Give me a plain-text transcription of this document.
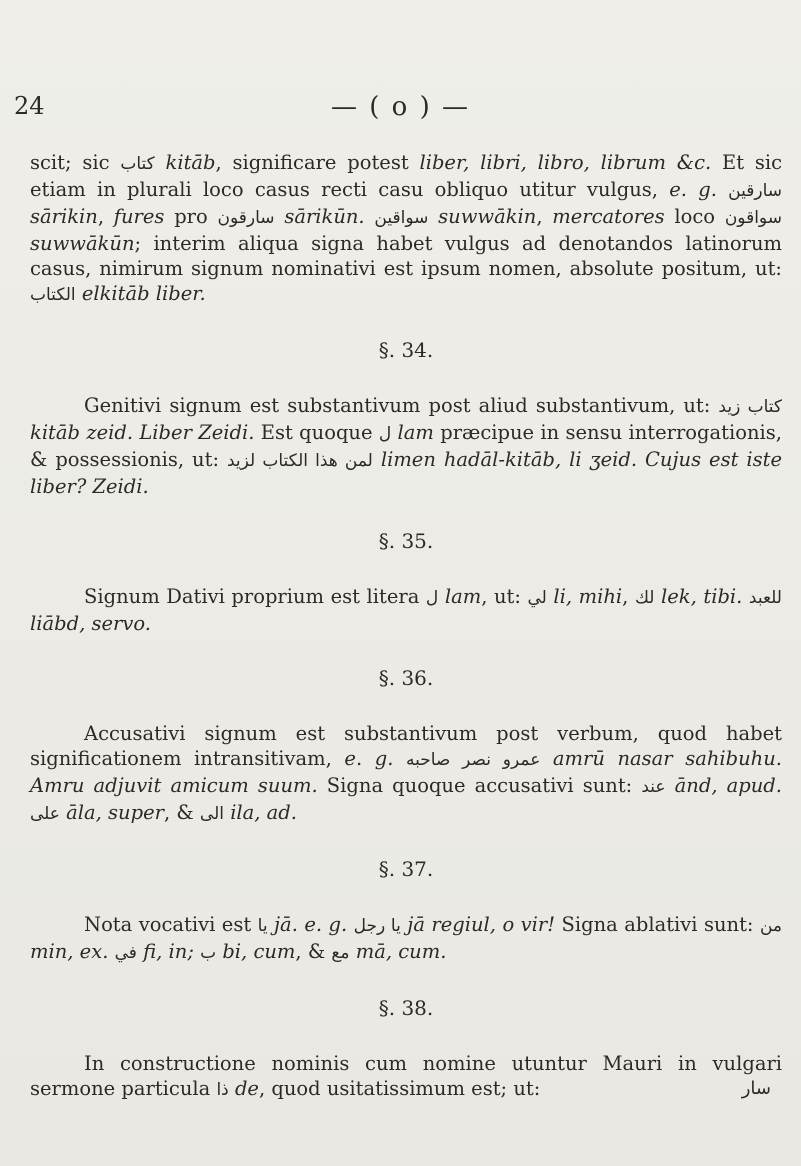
24	— ( o ) —

scit; sic كتاب kitāb, significare potest liber, libri, libro, librum &c. Et sic etiam in plurali loco casus recti casu obliquo utitur vulgus, e. g. سارقين sārikin, fures pro سارقون sārikūn. سواقين suwwākin, mercatores loco سواقون suwwākūn; interim aliqua signa habet vulgus ad denotandos latinorum casus, nimirum signum nominativi est ipsum nomen, absolute positum, ut: الكتاب elkitāb liber.

§. 34.

Genitivi signum est substantivum post aliud substantivum, ut: كتاب زيد kitāb zeid. Liber Zeidi. Est quoque ل lam præcipue in sensu interrogationis, & possessionis, ut: لمن هذا الكتاب لزيد limen hadāl-kitāb, li ʒeid. Cujus est iste liber? Zeidi.

§. 35.

Signum Dativi proprium est litera ل lam, ut: لي li, mihi, لك lek, tibi. للعبد liābd, servo.

§. 36.

Accusativi signum est substantivum post verbum, quod habet significationem intransitivam, e. g. عمرو نصر صاحبه amrū nasar sahibuhu. Amru adjuvit amicum suum. Signa quoque accusativi sunt: عند ānd, apud. على āla, super, & الى ila, ad.

§. 37.

Nota vocativi est يا jā. e. g. يا رجل jā regiul, o vir! Signa ablativi sunt: من min, ex. في fi, in; ب bi, cum, & مع mā, cum.

§. 38.

In constructione nominis cum nomine utuntur Mauri in vulgari sermone particula ذا de, quod usitatissimum est; ut:	سار
